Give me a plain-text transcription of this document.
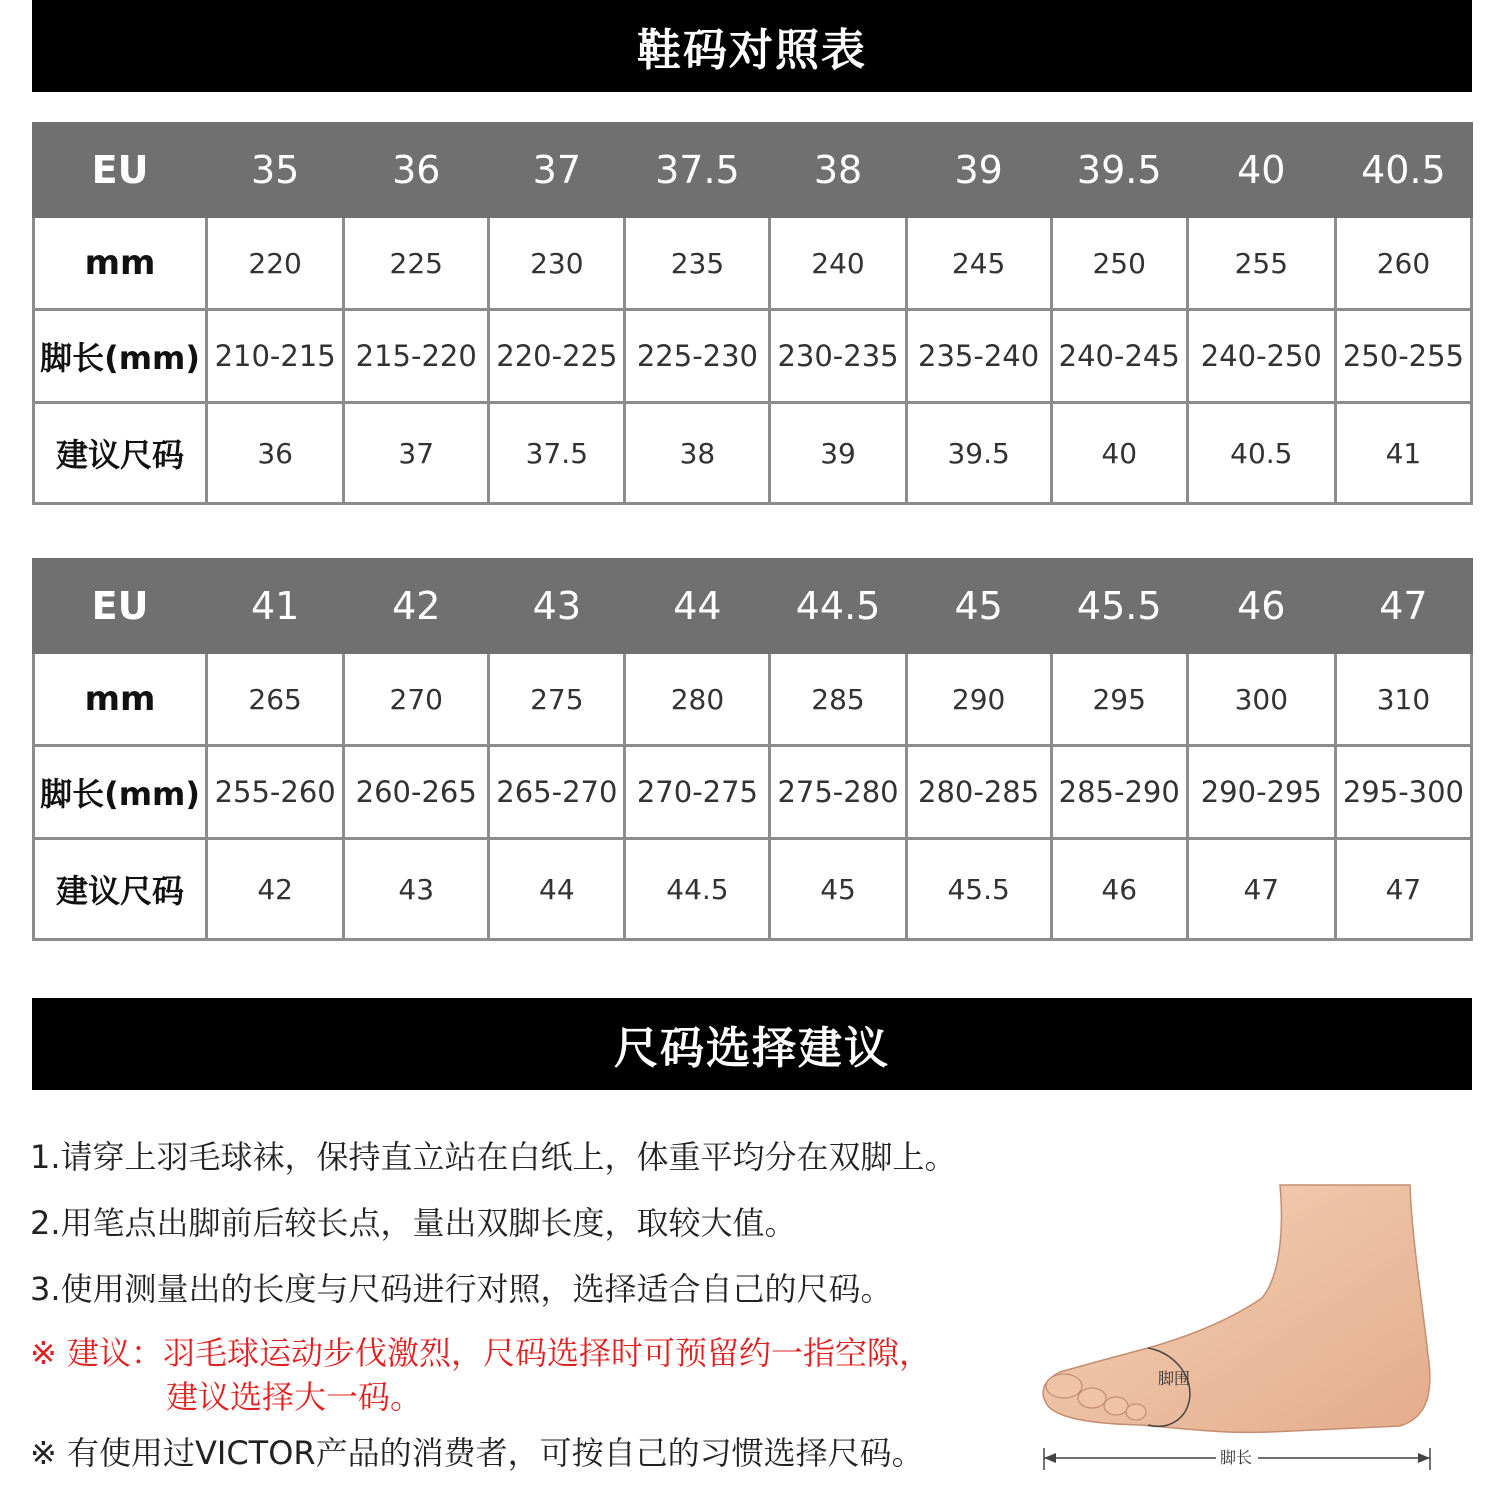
鞋码对照表
EU	35	36	37	37.5	38	39	39.5	40	40.5
mm	220	225	230	235	240	245	250	255	260
脚长(mm)	210-215	215-220	220-225	225-230	230-235	235-240	240-245	240-250	250-255
建议尺码	36	37	37.5	38	39	39.5	40	40.5	41
EU	41	42	43	44	44.5	45	45.5	46	47
mm	265	270	275	280	285	290	295	300	310
脚长(mm)	255-260	260-265	265-270	270-275	275-280	280-285	285-290	290-295	295-300
建议尺码	42	43	44	44.5	45	45.5	46	47	47
尺码选择建议

1.请穿上羽毛球袜，保持直立站在白纸上，体重平均分在双脚上。

2.用笔点出脚前后较长点，量出双脚长度，取较大值。

3.使用测量出的长度与尺码进行对照，选择适合自己的尺码。

※ 建议：羽毛球运动步伐激烈，尺码选择时可预留约一指空隙，
建议选择大一码。

※ 有使用过VICTOR产品的消费者，可按自己的习惯选择尺码。

脚围
脚长
